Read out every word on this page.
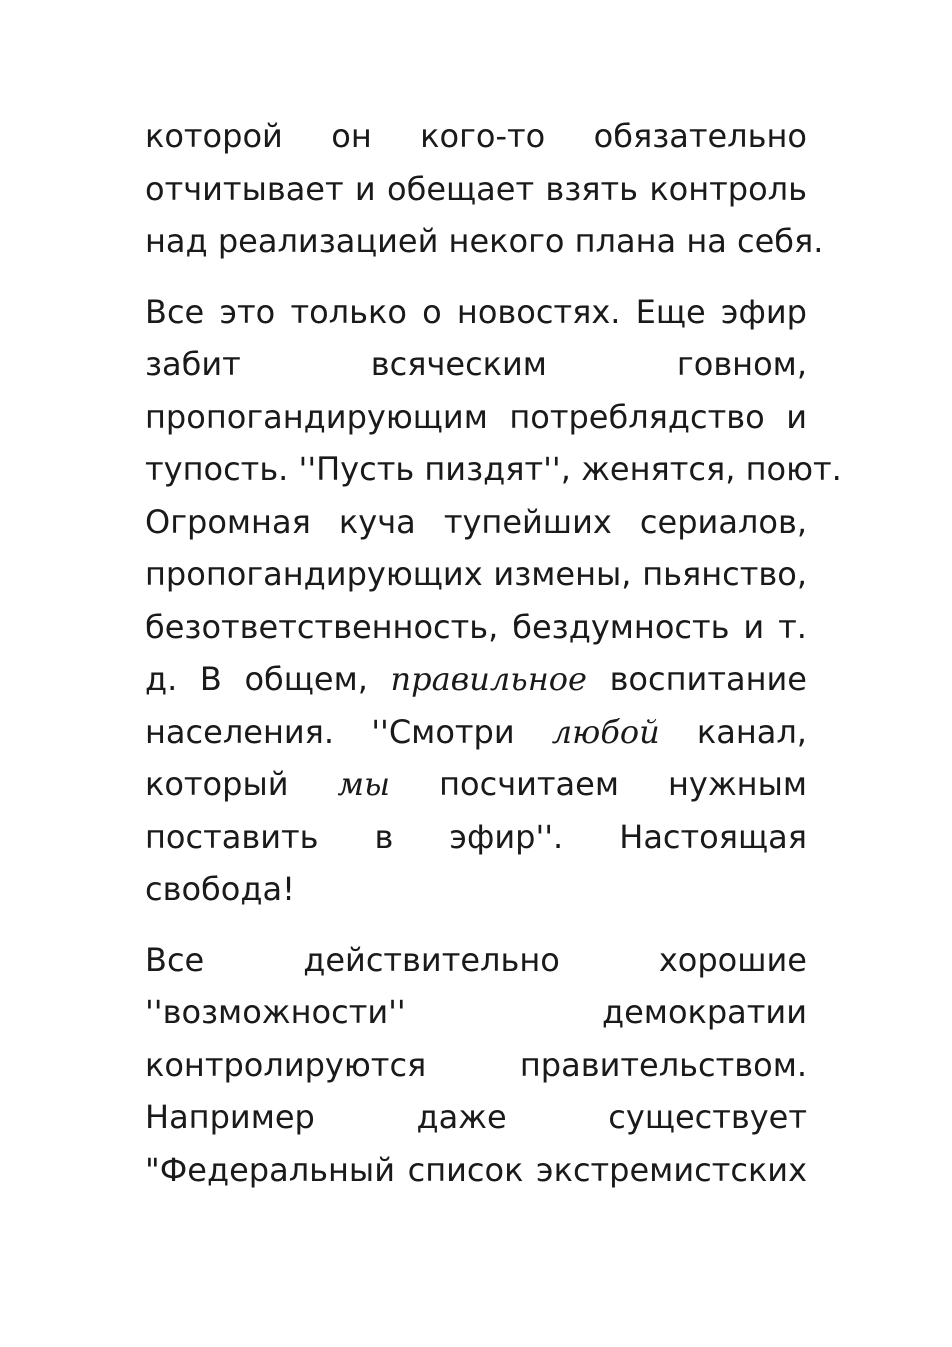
которой он кого-то обязательно
отчитывает и обещает взять контроль
над реализацией некого плана на себя.
Все это только о новостях. Еще эфир
забит	всяческим	говном,
пропогандирующим потреблядство и
тупость. ''Пусть пиздят'', женятся, поют.
Огромная куча тупейших сериалов,
пропогандирующих измены, пьянство,
безответственность, бездумность и т.
д. В общем, правильное воспитание
населения. ''Смотри любой канал,
который мы посчитаем нужным
поставить в эфир''. Настоящая
свобода!
Все	действительно	хорошие
''возможности''	демократии
контролируются	правительством.
Например	даже	существует
"Федеральный список экстремистских
